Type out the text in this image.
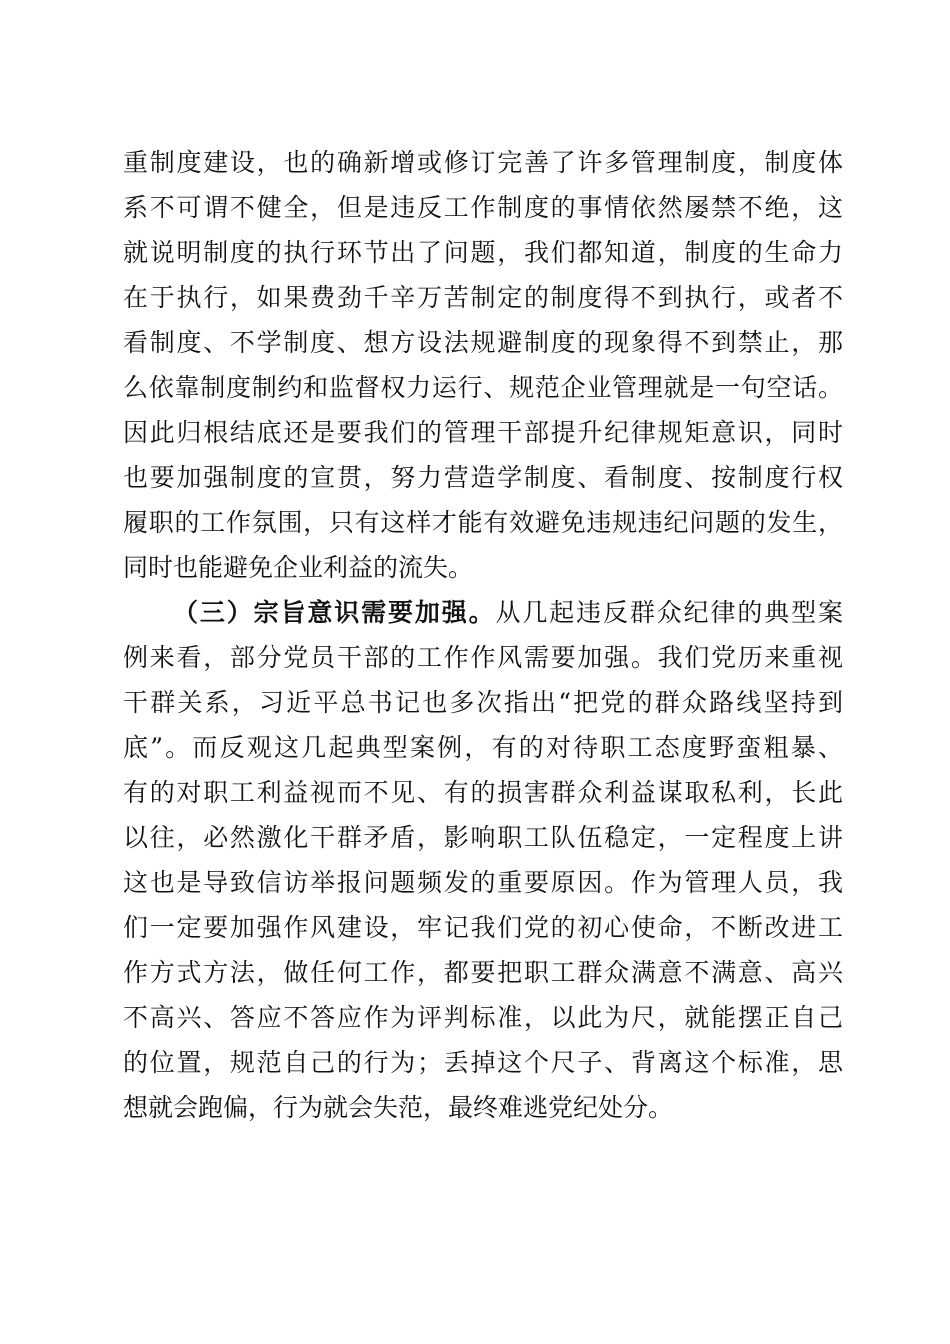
重制度建设，也的确新增或修订完善了许多管理制度，制度体
系不可谓不健全，但是违反工作制度的事情依然屡禁不绝，这
就说明制度的执行环节出了问题，我们都知道，制度的生命力
在于执行，如果费劲千辛万苦制定的制度得不到执行，或者不
看制度、不学制度、想方设法规避制度的现象得不到禁止，那
么依靠制度制约和监督权力运行、规范企业管理就是一句空话。
因此归根结底还是要我们的管理干部提升纪律规矩意识，同时
也要加强制度的宣贯，努力营造学制度、看制度、按制度行权
履职的工作氛围，只有这样才能有效避免违规违纪问题的发生，
同时也能避免企业利益的流失。
（三）宗旨意识需要加强。从几起违反群众纪律的典型案
例来看，部分党员干部的工作作风需要加强。我们党历来重视
干群关系，习近平总书记也多次指出“把党的群众路线坚持到
底”。而反观这几起典型案例，有的对待职工态度野蛮粗暴、
有的对职工利益视而不见、有的损害群众利益谋取私利，长此
以往，必然激化干群矛盾，影响职工队伍稳定，一定程度上讲
这也是导致信访举报问题频发的重要原因。作为管理人员，我
们一定要加强作风建设，牢记我们党的初心使命，不断改进工
作方式方法，做任何工作，都要把职工群众满意不满意、高兴
不高兴、答应不答应作为评判标准，以此为尺，就能摆正自己
的位置，规范自己的行为；丢掉这个尺子、背离这个标准，思
想就会跑偏，行为就会失范，最终难逃党纪处分。
